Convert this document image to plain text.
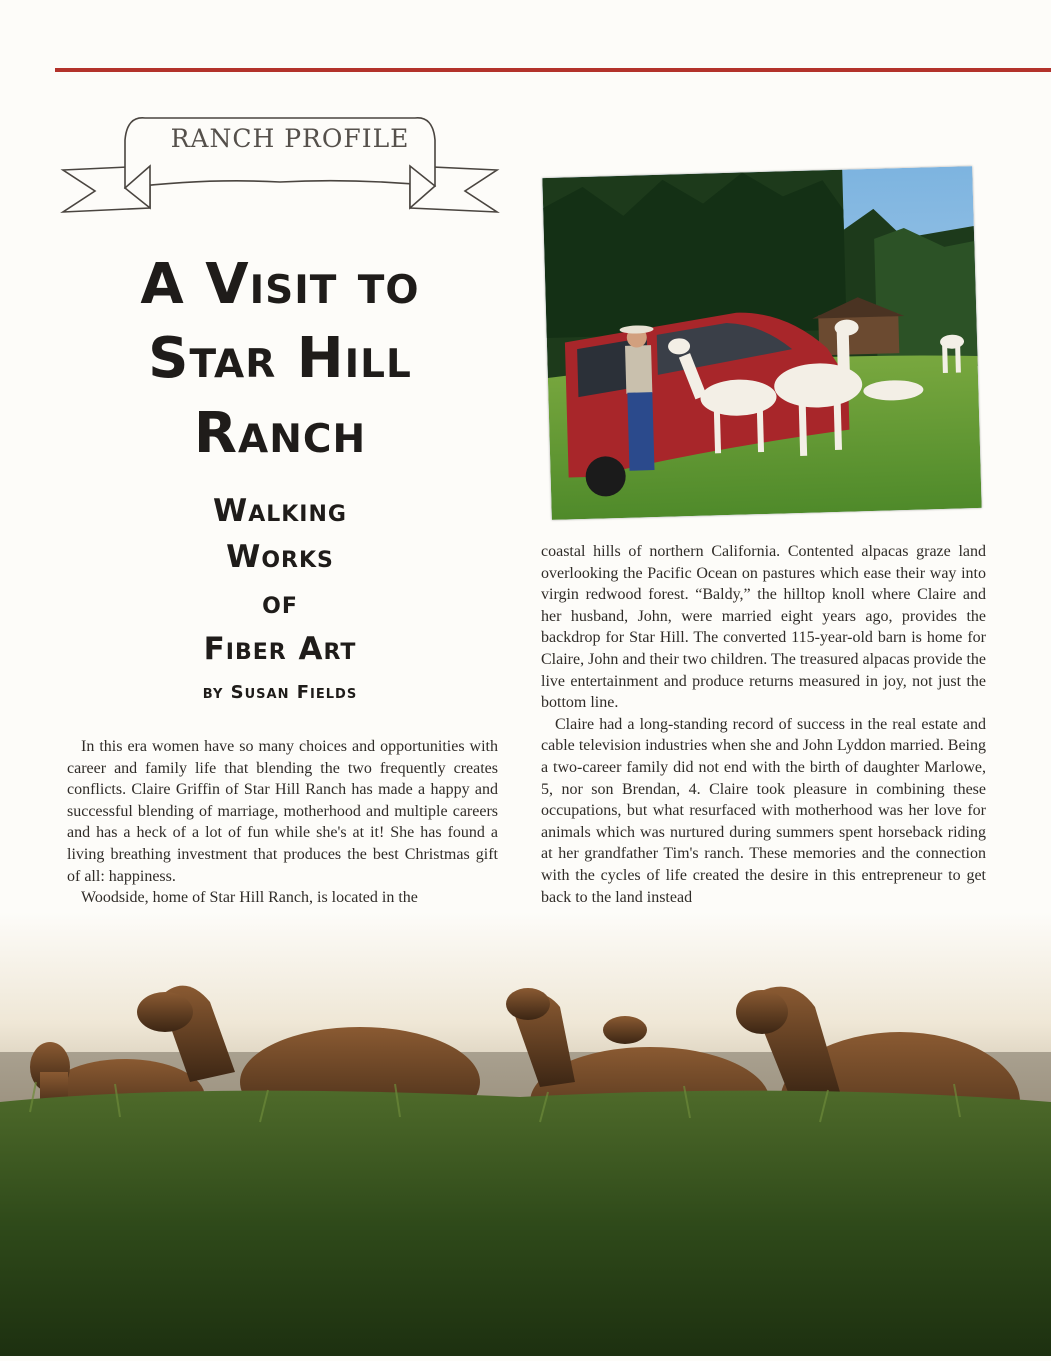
RANCH PROFILE
A Visit to
Star Hill
Ranch
Walking
Works
of
Fiber Art
by Susan Fields

In this era women have so many choices and opportunities with career and family life that blending the two frequently creates conflicts. Claire Griffin of Star Hill Ranch has made a happy and successful blending of marriage, motherhood and multiple careers and has a heck of a lot of fun while she's at it! She has found a living breathing investment that produces the best Christmas gift of all: happiness.

Woodside, home of Star Hill Ranch, is located in the

coastal hills of northern California. Contented alpacas graze land overlooking the Pacific Ocean on pastures which ease their way into virgin redwood forest. “Baldy,” the hilltop knoll where Claire and her husband, John, were married eight years ago, provides the backdrop for Star Hill. The converted 115-year-old barn is home for Claire, John and their two children. The treasured alpacas provide the live entertainment and produce returns measured in joy, not just the bottom line.

Claire had a long-standing record of success in the real estate and cable television industries when she and John Lyddon married. Being a two-career family did not end with the birth of daughter Marlowe, 5, nor son Brendan, 4. Claire took pleasure in combining these occupations, but what resurfaced with motherhood was her love for animals which was nurtured during summers spent horseback riding at her grandfather Tim's ranch. These memories and the connection with the cycles of life created the desire in this entrepreneur to get back to the land instead
